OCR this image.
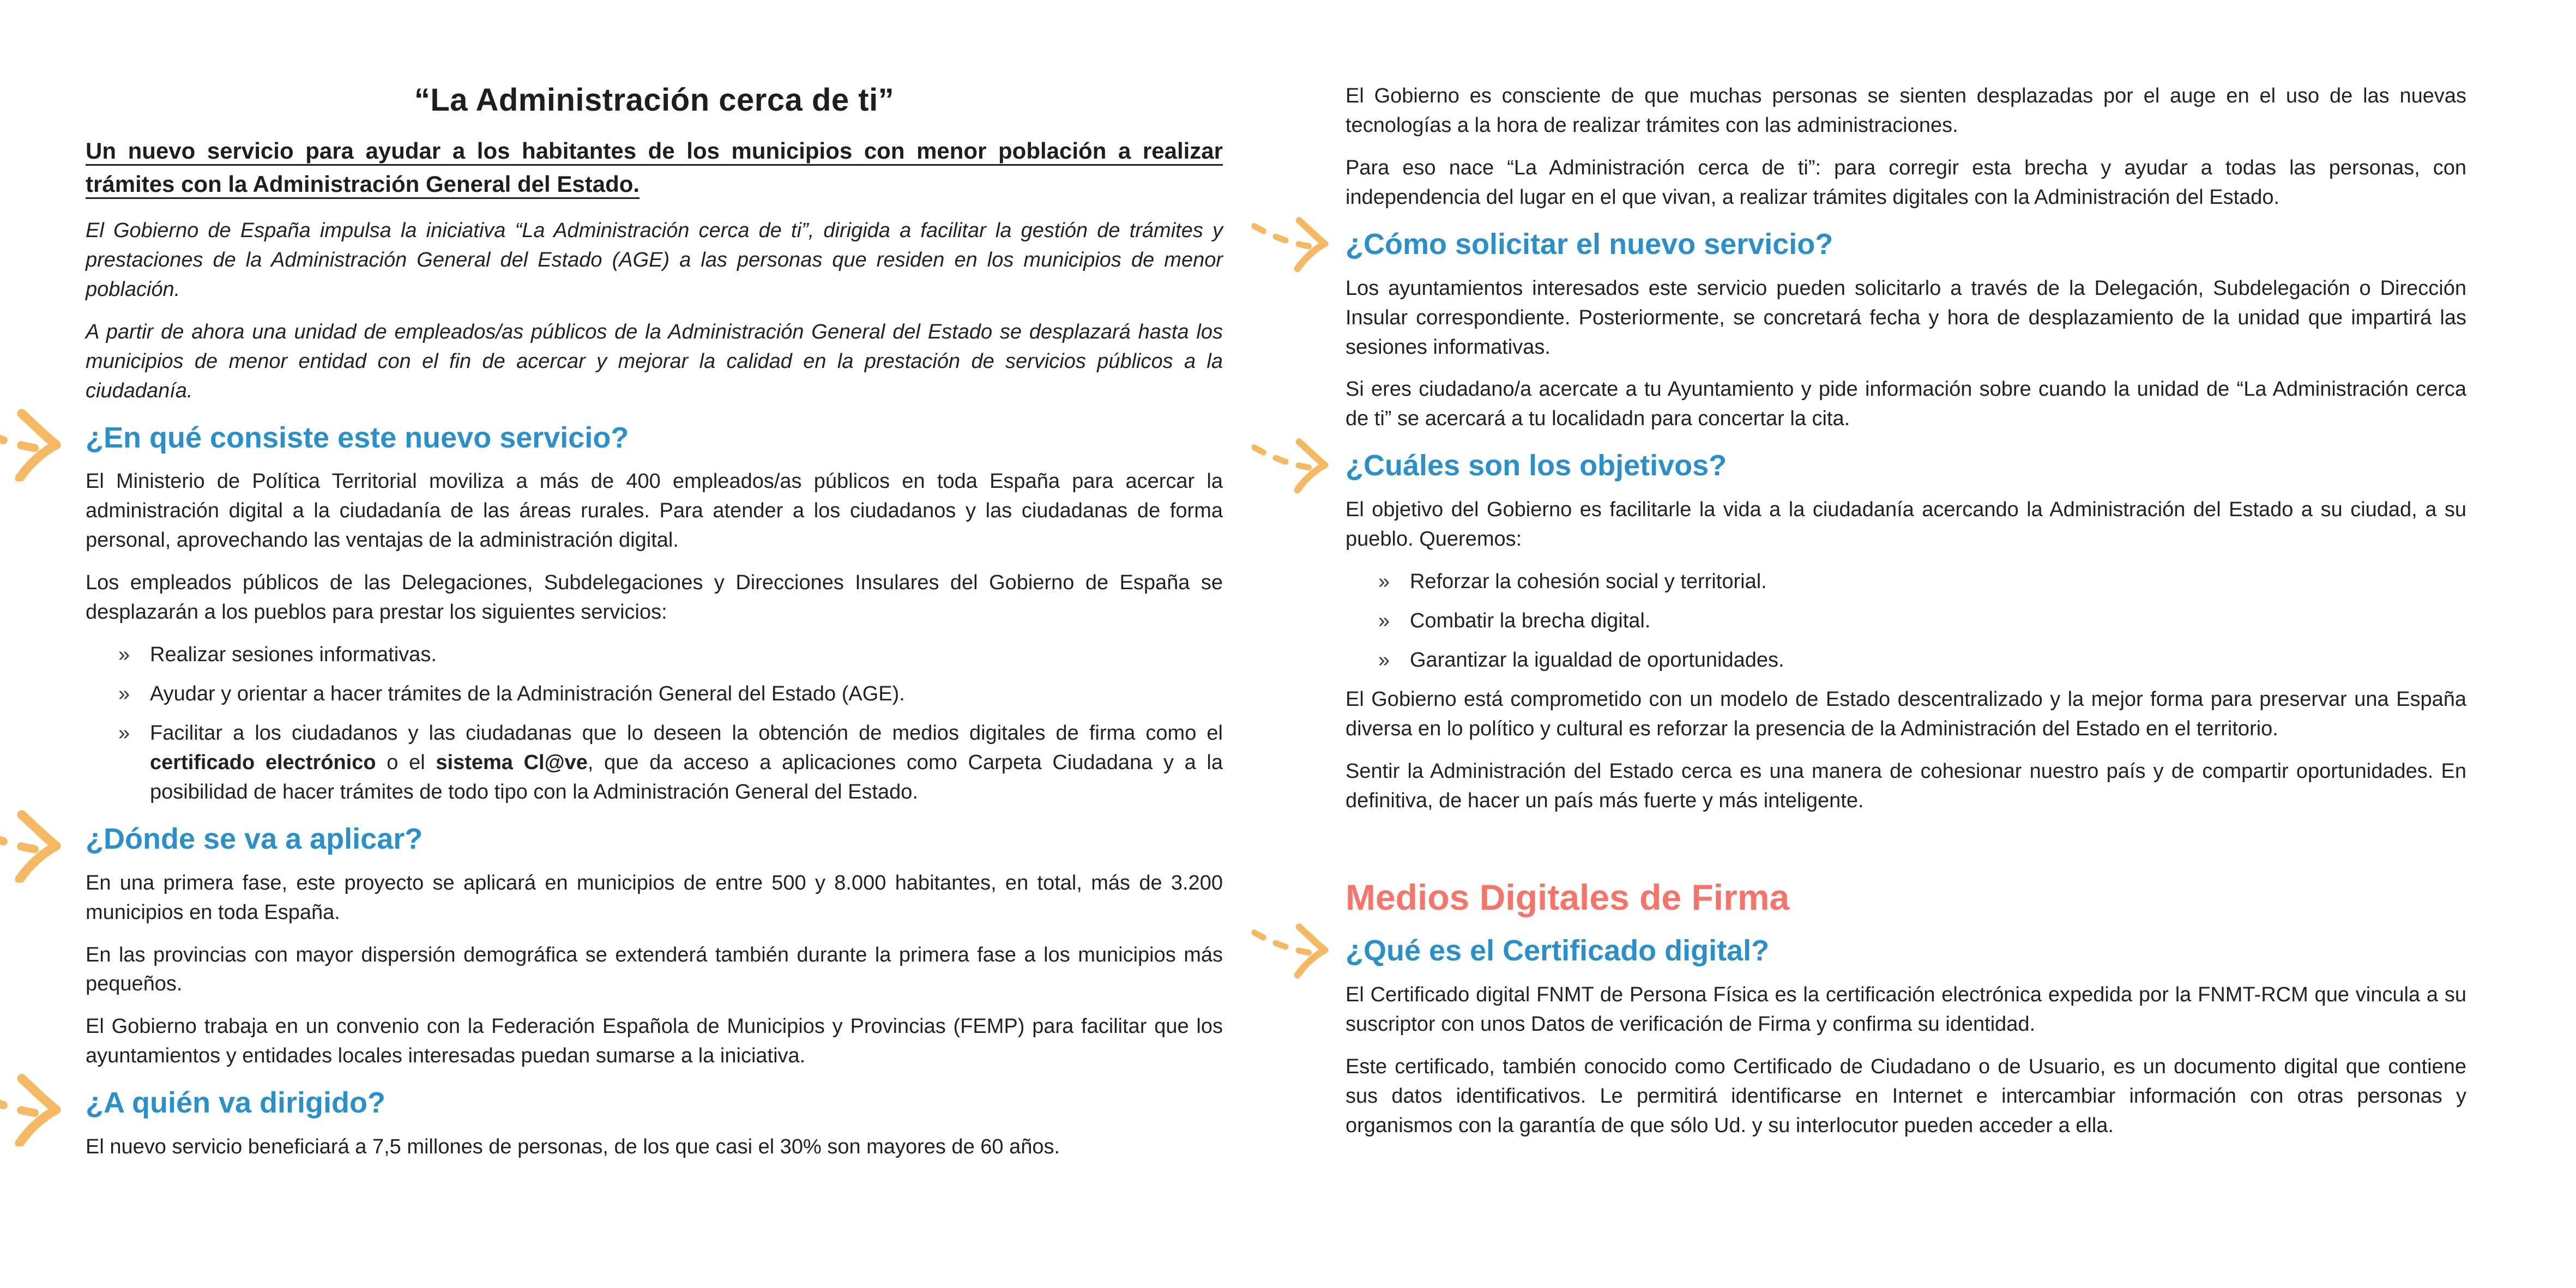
“La Administración cerca de ti”
Un nuevo servicio para ayudar a los habitantes de los municipios con menor población a realizar trámites con la Administración General del Estado.

El Gobierno de España impulsa la iniciativa “La Administración cerca de ti”, dirigida a facilitar la gestión de trámites y prestaciones de la Administración General del Estado (AGE) a las personas que residen en los municipios de menor población.

A partir de ahora una unidad de empleados/as públicos de la Administración General del Estado se desplazará hasta los municipios de menor entidad con el fin de acercar y mejorar la calidad en la prestación de servicios públicos a la ciudadanía.

¿En qué consiste este nuevo servicio?

El Ministerio de Política Territorial moviliza a más de 400 empleados/as públicos en toda España para acercar la administración digital a la ciudadanía de las áreas rurales. Para atender a los ciudadanos y las ciudadanas de forma personal, aprovechando las ventajas de la administración digital.

Los empleados públicos de las Delegaciones, Subdelegaciones y Direcciones Insulares del Gobierno de España se desplazarán a los pueblos para prestar los siguientes servicios:

» Realizar sesiones informativas.
» Ayudar y orientar a hacer trámites de la Administración General del Estado (AGE).
» Facilitar a los ciudadanos y las ciudadanas que lo deseen la obtención de medios digitales de firma como el certificado electrónico o el sistema Cl@ve, que da acceso a aplicaciones como Carpeta Ciudadana y a la posibilidad de hacer trámites de todo tipo con la Administración General del Estado.
¿Dónde se va a aplicar?

En una primera fase, este proyecto se aplicará en municipios de entre 500 y 8.000 habitantes, en total, más de 3.200 municipios en toda España.

En las provincias con mayor dispersión demográfica se extenderá también durante la primera fase a los municipios más pequeños.

El Gobierno trabaja en un convenio con la Federación Española de Municipios y Provincias (FEMP) para facilitar que los ayuntamientos y entidades locales interesadas puedan sumarse a la iniciativa.

¿A quién va dirigido?

El nuevo servicio beneficiará a 7,5 millones de personas, de los que casi el 30% son mayores de 60 años.

El Gobierno es consciente de que muchas personas se sienten desplazadas por el auge en el uso de las nuevas tecnologías a la hora de realizar trámites con las administraciones.

Para eso nace “La Administración cerca de ti”: para corregir esta brecha y ayudar a todas las personas, con independencia del lugar en el que vivan, a realizar trámites digitales con la Administración del Estado.

¿Cómo solicitar el nuevo servicio?

Los ayuntamientos interesados este servicio pueden solicitarlo a través de la Delegación, Subdelegación o Dirección Insular correspondiente. Posteriormente, se concretará fecha y hora de desplazamiento de la unidad que impartirá las sesiones informativas.

Si eres ciudadano/a acercate a tu Ayuntamiento y pide información sobre cuando la unidad de “La Administración cerca de ti” se acercará a tu localidadn para concertar la cita.

¿Cuáles son los objetivos?

El objetivo del Gobierno es facilitarle la vida a la ciudadanía acercando la Administración del Estado a su ciudad, a su pueblo. Queremos:

» Reforzar la cohesión social y territorial.
» Combatir la brecha digital.
» Garantizar la igualdad de oportunidades.

El Gobierno está comprometido con un modelo de Estado descentralizado y la mejor forma para preservar una España diversa en lo político y cultural es reforzar la presencia de la Administración del Estado en el territorio.

Sentir la Administración del Estado cerca es una manera de cohesionar nuestro país y de compartir oportunidades. En definitiva, de hacer un país más fuerte y más inteligente.

Medios Digitales de Firma
¿Qué es el Certificado digital?

El Certificado digital FNMT de Persona Física es la certificación electrónica expedida por la FNMT-RCM que vincula a su suscriptor con unos Datos de verificación de Firma y confirma su identidad.

Este certificado, también conocido como Certificado de Ciudadano o de Usuario, es un documento digital que contiene sus datos identificativos. Le permitirá identificarse en Internet e intercambiar información con otras personas y organismos con la garantía de que sólo Ud. y su interlocutor pueden acceder a ella.
